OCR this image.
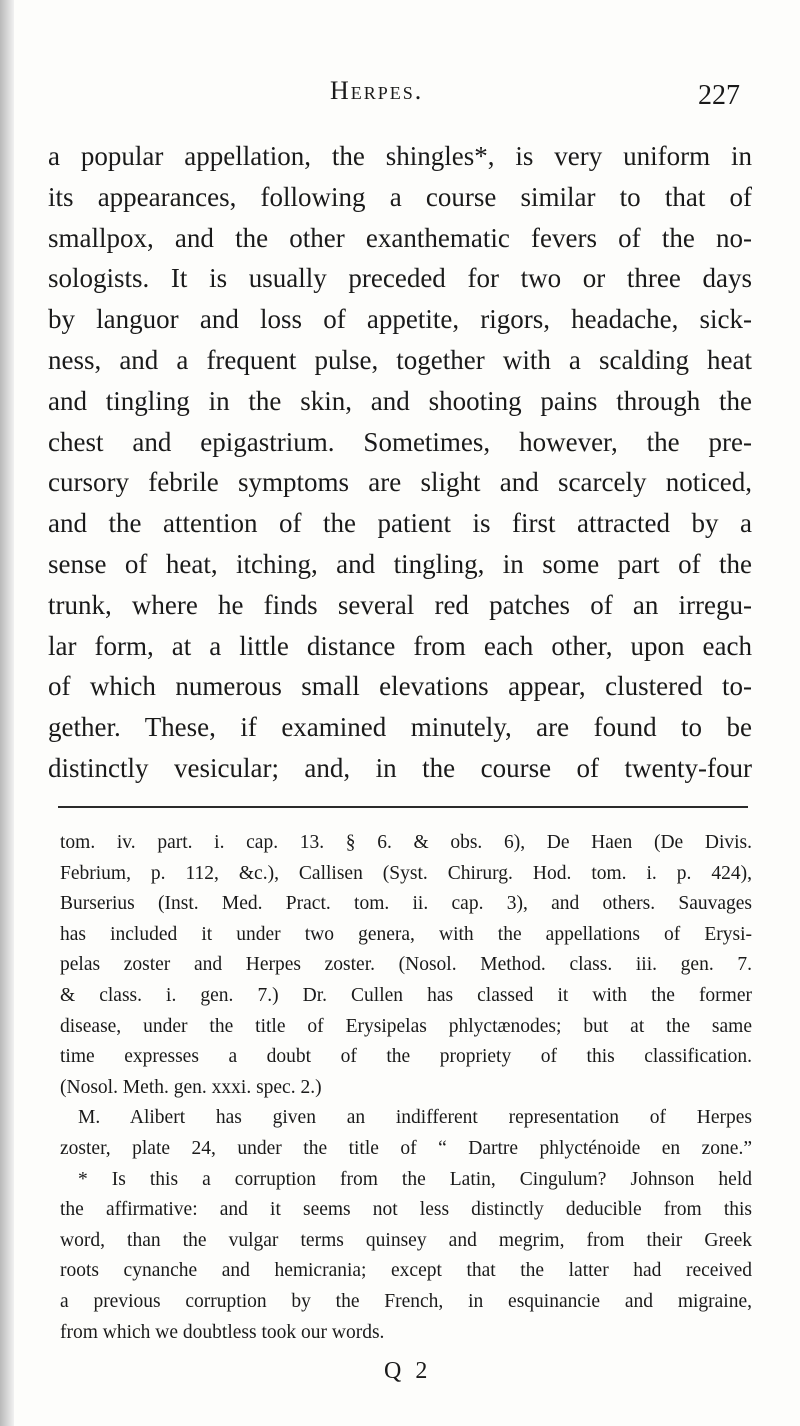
Herpes.	227
a popular appellation, the shingles*, is very uniform in
its appearances, following a course similar to that of
smallpox, and the other exanthematic fevers of the no-
sologists. It is usually preceded for two or three days
by languor and loss of appetite, rigors, headache, sick-
ness, and a frequent pulse, together with a scalding heat
and tingling in the skin, and shooting pains through the
chest and epigastrium. Sometimes, however, the pre-
cursory febrile symptoms are slight and scarcely noticed,
and the attention of the patient is first attracted by a
sense of heat, itching, and tingling, in some part of the
trunk, where he finds several red patches of an irregu-
lar form, at a little distance from each other, upon each
of which numerous small elevations appear, clustered to-
gether. These, if examined minutely, are found to be
distinctly vesicular; and, in the course of twenty-four
tom. iv. part. i. cap. 13. § 6. & obs. 6), De Haen (De Divis.
Febrium, p. 112, &c.), Callisen (Syst. Chirurg. Hod. tom. i. p. 424),
Burserius (Inst. Med. Pract. tom. ii. cap. 3), and others. Sauvages
has included it under two genera, with the appellations of Erysi-
pelas zoster and Herpes zoster. (Nosol. Method. class. iii. gen. 7.
& class. i. gen. 7.) Dr. Cullen has classed it with the former
disease, under the title of Erysipelas phlyctænodes; but at the same
time expresses a doubt of the propriety of this classification.
(Nosol. Meth. gen. xxxi. spec. 2.)
M. Alibert has given an indifferent representation of Herpes
zoster, plate 24, under the title of “ Dartre phlycténoide en zone.”
* Is this a corruption from the Latin, Cingulum? Johnson held
the affirmative: and it seems not less distinctly deducible from this
word, than the vulgar terms quinsey and megrim, from their Greek
roots cynanche and hemicrania; except that the latter had received
a previous corruption by the French, in esquinancie and migraine,
from which we doubtless took our words.
Q 2
